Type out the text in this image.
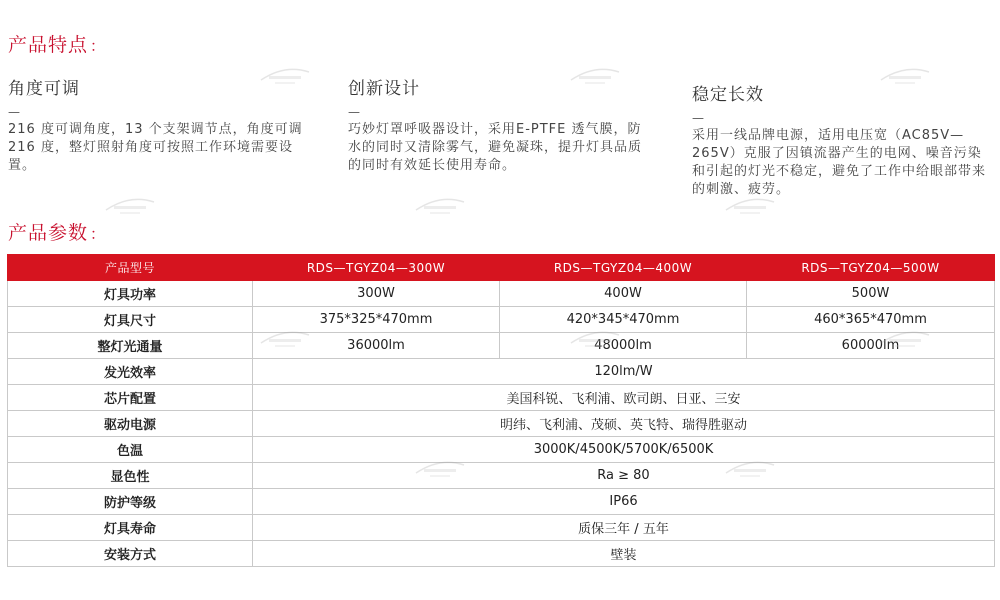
产品特点 ：
角度可调
—

216 度可调角度，13 个支架调节点，角度可调 216 度，整灯照射角度可按照工作环境需要设置。

创新设计
—

巧妙灯罩呼吸器设计，采用E-PTFE 透气膜，防水的同时又清除雾气，避免凝珠，提升灯具品质的同时有效延长使用寿命。

稳定长效
—

采用一线品牌电源，适用电压宽（AC85V—265V）克服了因镇流器产生的电网、噪音污染和引起的灯光不稳定，避免了工作中给眼部带来的刺激、疲劳。

产品参数 ：
产品型号	RDS—TGYZ04—300W	RDS—TGYZ04—400W	RDS—TGYZ04—500W
灯具功率	300W	400W	500W
灯具尺寸	375*325*470mm	420*345*470mm	460*365*470mm
整灯光通量	36000lm	48000lm	60000lm
发光效率	120lm/W		
芯片配置	美国科锐、飞利浦、欧司朗、日亚、三安		
驱动电源	明纬、飞利浦、茂硕、英飞特、瑞得胜驱动		
色温	3000K/4500K/5700K/6500K		
显色性	Ra ≥ 80		
防护等级	IP66		
灯具寿命	质保三年 / 五年		
安装方式	壁装		
